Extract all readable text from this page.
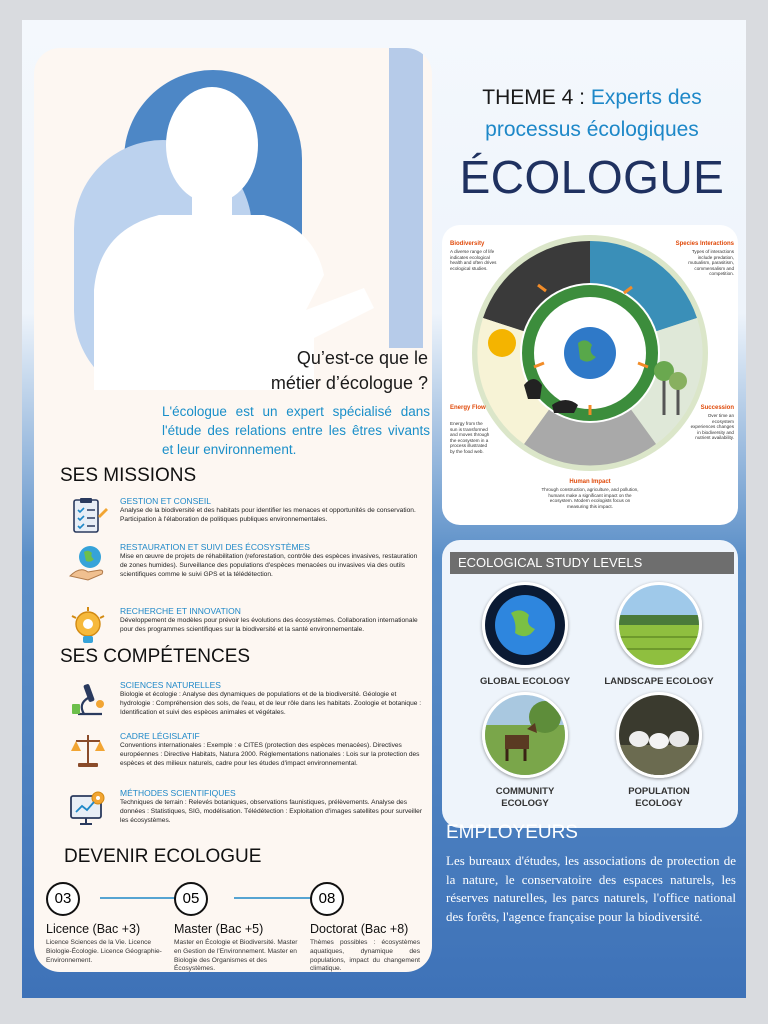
Qu’est-ce que le
métier d’écologue ?
L'écologue est un expert spécialisé dans l'étude des relations entre les êtres vivants et leur environnement.
SES MISSIONS
GESTION ET CONSEIL
Analyse de la biodiversité et des habitats pour identifier les menaces et opportunités de conservation. Participation à l'élaboration de politiques publiques environnementales.
RESTAURATION ET SUIVI DES ÉCOSYSTÈMES
Mise en œuvre de projets de réhabilitation (reforestation, contrôle des espèces invasives, restauration de zones humides). Surveillance des populations d'espèces menacées ou invasives via des outils scientifiques comme le suivi GPS et la télédétection.
RECHERCHE ET INNOVATION
Développement de modèles pour prévoir les évolutions des écosystèmes. Collaboration internationale pour des programmes scientifiques sur la biodiversité et la santé environnementale.
SES COMPÉTENCES
SCIENCES NATURELLES
Biologie et écologie : Analyse des dynamiques de populations et de la biodiversité. Géologie et hydrologie : Compréhension des sols, de l'eau, et de leur rôle dans les habitats. Zoologie et botanique : Identification et suivi des espèces animales et végétales.
CADRE LÉGISLATIF
Conventions internationales : Exemple : e CITES (protection des espèces menacées). Directives européennes : Directive Habitats, Natura 2000. Réglementations nationales : Lois sur la protection des espèces et des milieux naturels, cadre pour les études d'impact environnemental.
MÉTHODES SCIENTIFIQUES
Techniques de terrain : Relevés botaniques, observations faunistiques, prélèvements. Analyse des données : Statistiques, SIG, modélisation. Télédétection : Exploitation d'images satellites pour surveiller les écosystèmes.
DEVENIR ECOLOGUE
03
Licence (Bac +3)
Licence Sciences de la Vie. Licence Biologie-Écologie. Licence Géographie-Environnement.
05
Master (Bac +5)
Master en Écologie et Biodiversité. Master en Gestion de l'Environnement. Master en Biologie des Organismes et des Écosystèmes.
08
Doctorat (Bac +8)
Thèmes possibles : écosystèmes aquatiques, dynamique des populations, impact du changement climatique.
THEME 4 : Experts des
processus écologiques
ÉCOLOGUE
Biodiversity
A diverse range of life indicates ecological health and often drives ecological studies.
Species Interactions
Types of interactions include predation, mutualism, parasitism, commensalism and competition.
Succession
Over time an ecosystem experiences changes in biodiversity and nutrient availability.
Energy Flow
Energy from the sun is transformed and moves through the ecosystem in a process illustrated by the food web.
Human Impact
Through construction, agriculture, and pollution, humans make a significant impact on the ecosystem. Modern ecologists focus on measuring this impact.
ECOLOGICAL STUDY LEVELS
GLOBAL ECOLOGY	LANDSCAPE ECOLOGY
COMMUNITY
ECOLOGY
POPULATION
ECOLOGY
EMPLOYEURS
Les bureaux d'études, les associations de protection de la nature, le conservatoire des espaces naturels, les réserves naturelles, les parcs naturels, l'office national des forêts, l'agence française pour la biodiversité.
